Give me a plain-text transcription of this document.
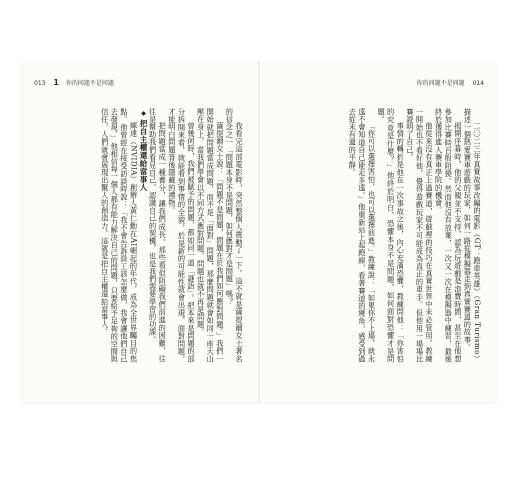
013 1 你的问題不是问题

我看完這部電影時，突然整個人震動了一下。這不就是薩提爾女士著名的信念之一「問題本身不是問題，如何應對才是問題」嗎？

薩提爾女士說：「問題不是問題，問題在於我們如何應對問題。」我們一開始就把問題當成問題，而不是「面對」問題，那麼問題就會如同一座大山壓在身上。當我們學會以不同方式應對問題，問題也就不再是問題。

曾幾何時，我們被賦予的問題，都如同一道「謎語」。把本來是問題的部分拆開來看，就能看到事情的全貌，於是新的可能性就會出現。面對問題，才能明白問題背後隱藏的禮物。

把問題當成一種養分，讓我們成長。那些看似阻礙我們前進的困難，往往是幫助我們看見自己、認識自己的契機，也是我們需要學習的功課。

◆把自主權還給當事人

輝達（NVIDIA）創辦人黃仁勳在AI崛起的年代，成為全世界矚目的焦點。他曾經在接受訪談時說：「我不會告訴員工該怎麼做，我會讓他們自己去發現。」他相信每一個人都有能力解決自己的問題，只要給予足夠的空間與信任，人們就會展現出驚人的創造力。這就是把自主權還給當事人。

你的问题不是问题 014

二〇二三年真實故事改編的電影《GT：跑車英雄》（Gran Turismo）描述一個熱愛賽車遊戲的玩家，如何一路從模擬器走到真實賽道的故事。

揭開序幕時，他的父親並不支持，認為玩遊戲是浪費時間，甚至在他想參加比賽時百般阻撓。然而他沒有放棄，一次又一次在模擬器中練習，最後終於獲得進入賽車學院的機會。

他從來沒有真正上過賽道，遊戲裡的技巧在真實世界中未必管用。教練一開始也不看好他，覺得遊戲玩家不可能成為真正的車手。但他用一場場比賽證明了自己。

事情的轉折是他在一次事故之後，內心充滿恐懼，教練問他：「你害怕的究竟是什麼？」他終於明白，恐懼本身不是問題，如何面對恐懼才是問題。

「你可以選擇害怕，也可以選擇前進。」教練說：「如果你不上場，就永遠不會知道自己能走多遠。」他重新站上起跑線，看著賽道的彎角，感受到過去從未有過的平靜。
